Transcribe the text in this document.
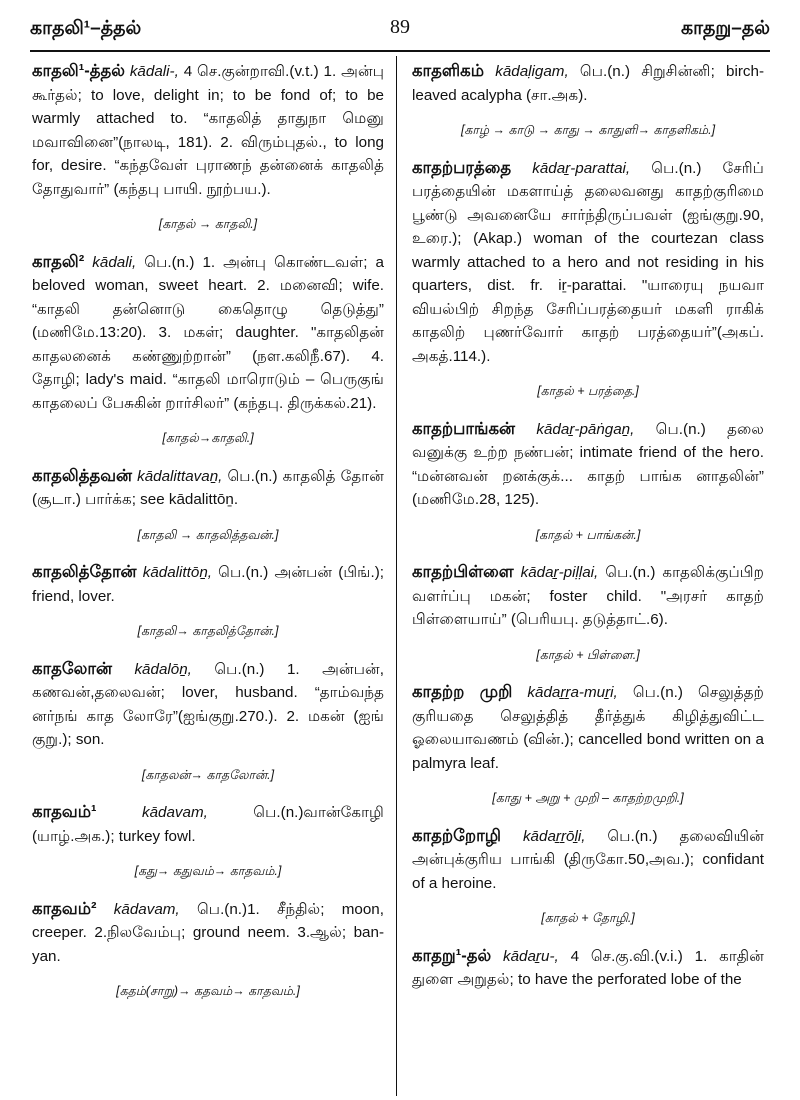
காதலி¹–த்தல்	89	காதறு–தல்
காதலி¹-த்தல் kādali-, 4 செ.குன்றாவி.(v.t.) 1. அன்பு கூர்தல்; to love, delight in; to be fond of; to be warmly attached to. “காதலித் தாதுநா மெனு மவாவினை”(நாலடி, 181). 2. விரும்புதல்., to long for, desire. “கந்தவேள் புராணந் தன்னைக் காதலித் தோதுவார்” (கந்தபு பாயி. நூற்பய.).
[காதல் → காதலி.]
காதலி² kādali, பெ.(n.) 1. அன்பு கொண்டவள்; a beloved woman, sweet heart. 2. மனைவி; wife. “காதலி தன்னொடு கைதொழு தெடுத்து” (மணிமே.13:20). 3. மகள்; daughter. "காதலிதன் காதலனைக் கண்ணுற்றான்” (நள.கலிநீ.67). 4. தோழி; lady's maid. “காதலி மாரொடும் – பெருகுங் காதலைப் பேசுகின் றார்சிலர்” (கந்தபு. திருக்கல்.21).
[காதல்→காதலி.]
காதலித்தவன் kādalittavaṉ, பெ.(n.) காதலித் தோன் (சூடா.) பார்க்க; see kādalittōṉ.
[காதலி → காதலித்தவன்.]
காதலித்தோன் kādalittōṉ, பெ.(n.) அன்பன் (பிங்.); friend, lover.
[காதலி→ காதலித்தோன்.]
காதலோன் kādalōṉ, பெ.(n.) 1. அன்பன், கணவன்,தலைவன்; lover, husband. “தாம்வந்த னர்நங் காத லோரே”(ஐங்குறு.270.). 2. மகன் (ஐங் குறு.); son.
[காதலன்→ காதலோன்.]
காதவம்¹	kādavam,	பெ.(n.)வான்கோழி (யாழ்.அக.); turkey fowl.
[கது→ கதுவம்→ காதவம்.]
காதவம்² kādavam, பெ.(n.)1. சீந்தில்; moon, creeper. 2.நிலவேம்பு; ground neem. 3.ஆல்; ban-yan.
[கதம்(சாறு)→ கதவம்→ காதவம்.]
காதளிகம் kādaḷigam, பெ.(n.) சிறுசின்னி; birch-leaved acalypha (சா.அக).
[காழ் → காடு → காது → காதுளி→ காதளிகம்.]
காதற்பரத்தை kādaṟ-parattai, பெ.(n.) சேரிப் பரத்தையின் மகளாய்த் தலைவனது காதற்குரிமை பூண்டு அவனையே சார்ந்திருப்பவள் (ஐங்குறு.90, உரை.); (Akap.) woman of the courtezan class warmly attached to a hero and not residing in his quarters, dist. fr. iṟ-parattai. "யாரையு நயவா வியல்பிற் சிறந்த சேரிப்பரத்தையர் மகளி ராகிக் காதலிற் புணர்வோர் காதற் பரத்தையர்”(அகப். அகத்.114.).
[காதல் + பரத்தை.]
காதற்பாங்கன் kādaṟ-pāṅgaṉ, பெ.(n.) தலை வனுக்கு உற்ற நண்பன்; intimate friend of the hero. “மன்னவன் றனக்குக்... காதற் பாங்க னாதலின்” (மணிமே.28, 125).
[காதல் + பாங்கன்.]
காதற்பிள்ளை kādaṟ-piḷḷai, பெ.(n.) காதலிக்குப்பிற வளர்ப்பு மகன்; foster child. "அரசர் காதற் பிள்ளையாய்” (பெரியபு. தடுத்தாட்.6).
[காதல் + பிள்ளை.]
காதற்ற முறி kādaṟṟa-muṟi, பெ.(n.) செலுத்தற் குரியதை செலுத்தித் தீர்த்துக் கிழித்துவிட்ட ஓலையாவணம் (வின்.); cancelled bond written on a palmyra leaf.
[காது + அறு + முறி – காதற்றமுறி.]
காதற்றோழி kādaṟṟōḻi, பெ.(n.) தலைவியின் அன்புக்குரிய பாங்கி (திருகோ.50,அவ.); confidant of a heroine.
[காதல் + தோழி.]
காதறு¹-தல் kādaṟu-, 4 செ.கு.வி.(v.i.) 1. காதின் துளை அறுதல்; to have the perforated lobe of the
